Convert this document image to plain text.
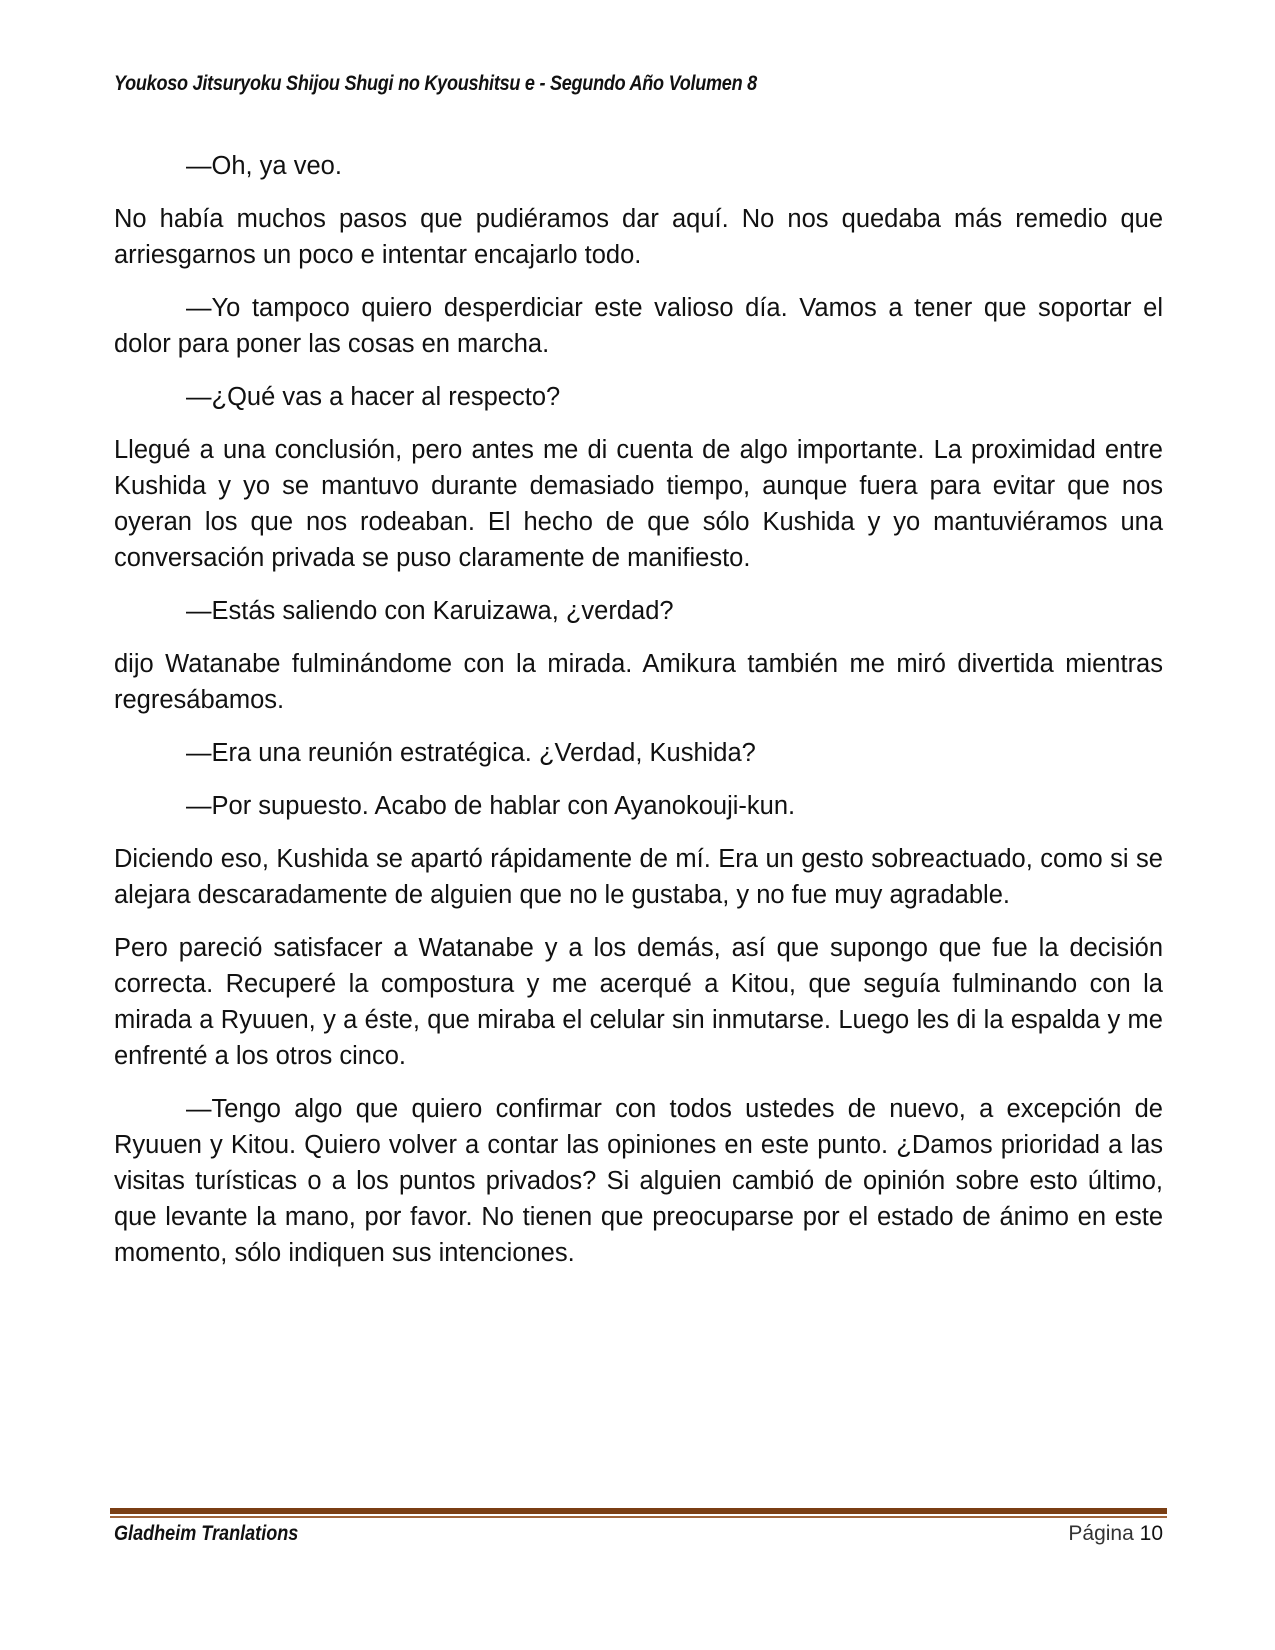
Youkoso Jitsuryoku Shijou Shugi no Kyoushitsu e - Segundo Año Volumen 8

—Oh, ya veo.

No había muchos pasos que pudiéramos dar aquí. No nos quedaba más remedio que arriesgarnos un poco e intentar encajarlo todo.

—Yo tampoco quiero desperdiciar este valioso día. Vamos a tener que soportar el dolor para poner las cosas en marcha.

—¿Qué vas a hacer al respecto?

Llegué a una conclusión, pero antes me di cuenta de algo importante. La proximidad entre Kushida y yo se mantuvo durante demasiado tiempo, aunque fuera para evitar que nos oyeran los que nos rodeaban. El hecho de que sólo Kushida y yo mantuviéramos una conversación privada se puso claramente de manifiesto.

—Estás saliendo con Karuizawa, ¿verdad?

dijo Watanabe fulminándome con la mirada. Amikura también me miró divertida mientras regresábamos.

—Era una reunión estratégica. ¿Verdad, Kushida?

—Por supuesto. Acabo de hablar con Ayanokouji-kun.

Diciendo eso, Kushida se apartó rápidamente de mí. Era un gesto sobreactuado, como si se alejara descaradamente de alguien que no le gustaba, y no fue muy agradable.

Pero pareció satisfacer a Watanabe y a los demás, así que supongo que fue la decisión correcta. Recuperé la compostura y me acerqué a Kitou, que seguía fulminando con la mirada a Ryuuen, y a éste, que miraba el celular sin inmutarse. Luego les di la espalda y me enfrenté a los otros cinco.

—Tengo algo que quiero confirmar con todos ustedes de nuevo, a excepción de Ryuuen y Kitou. Quiero volver a contar las opiniones en este punto. ¿Damos prioridad a las visitas turísticas o a los puntos privados? Si alguien cambió de opinión sobre esto último, que levante la mano, por favor. No tienen que preocuparse por el estado de ánimo en este momento, sólo indiquen sus intenciones.

Gladheim Tranlations	Página 10
